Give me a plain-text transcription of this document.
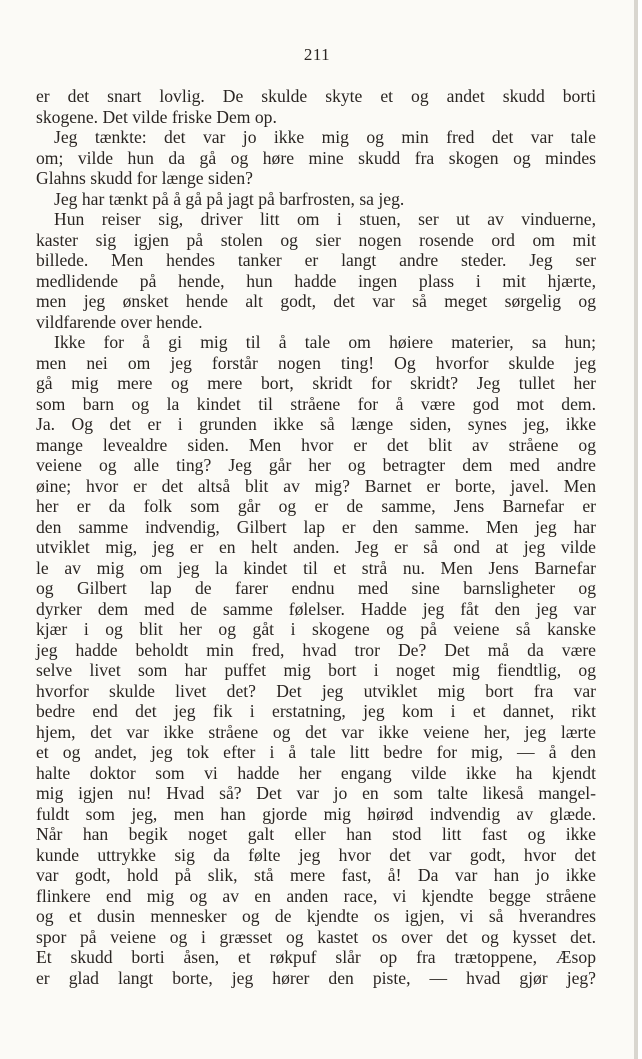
211
er det snart lovlig. De skulde skyte et og andet skudd borti
skogene. Det vilde friske Dem op.
Jeg tænkte: det var jo ikke mig og min fred det var tale
om; vilde hun da gå og høre mine skudd fra skogen og mindes
Glahns skudd for længe siden?
Jeg har tænkt på å gå på jagt på barfrosten, sa jeg.
Hun reiser sig, driver litt om i stuen, ser ut av vinduerne,
kaster sig igjen på stolen og sier nogen rosende ord om mit
billede. Men hendes tanker er langt andre steder. Jeg ser
medlidende på hende, hun hadde ingen plass i mit hjærte,
men jeg ønsket hende alt godt, det var så meget sørgelig og
vildfarende over hende.
Ikke for å gi mig til å tale om høiere materier, sa hun;
men nei om jeg forstår nogen ting! Og hvorfor skulde jeg
gå mig mere og mere bort, skridt for skridt? Jeg tullet her
som barn og la kindet til stråene for å være god mot dem.
Ja. Og det er i grunden ikke så længe siden, synes jeg, ikke
mange levealdre siden. Men hvor er det blit av stråene og
veiene og alle ting? Jeg går her og betragter dem med andre
øine; hvor er det altså blit av mig? Barnet er borte, javel. Men
her er da folk som går og er de samme, Jens Barnefar er
den samme indvendig, Gilbert lap er den samme. Men jeg har
utviklet mig, jeg er en helt anden. Jeg er så ond at jeg vilde
le av mig om jeg la kindet til et strå nu. Men Jens Barnefar
og Gilbert lap de farer endnu med sine barnsligheter og
dyrker dem med de samme følelser. Hadde jeg fåt den jeg var
kjær i og blit her og gåt i skogene og på veiene så kanske
jeg hadde beholdt min fred, hvad tror De? Det må da være
selve livet som har puffet mig bort i noget mig fiendtlig, og
hvorfor skulde livet det? Det jeg utviklet mig bort fra var
bedre end det jeg fik i erstatning, jeg kom i et dannet, rikt
hjem, det var ikke stråene og det var ikke veiene her, jeg lærte
et og andet, jeg tok efter i å tale litt bedre for mig, — å den
halte doktor som vi hadde her engang vilde ikke ha kjendt
mig igjen nu! Hvad så? Det var jo en som talte likeså mangel-
fuldt som jeg, men han gjorde mig høirød indvendig av glæde.
Når han begik noget galt eller han stod litt fast og ikke
kunde uttrykke sig da følte jeg hvor det var godt, hvor det
var godt, hold på slik, stå mere fast, å! Da var han jo ikke
flinkere end mig og av en anden race, vi kjendte begge stråene
og et dusin mennesker og de kjendte os igjen, vi så hverandres
spor på veiene og i græsset og kastet os over det og kysset det.
Et skudd borti åsen, et røkpuf slår op fra trætoppene, Æsop
er glad langt borte, jeg hører den piste, — hvad gjør jeg?
